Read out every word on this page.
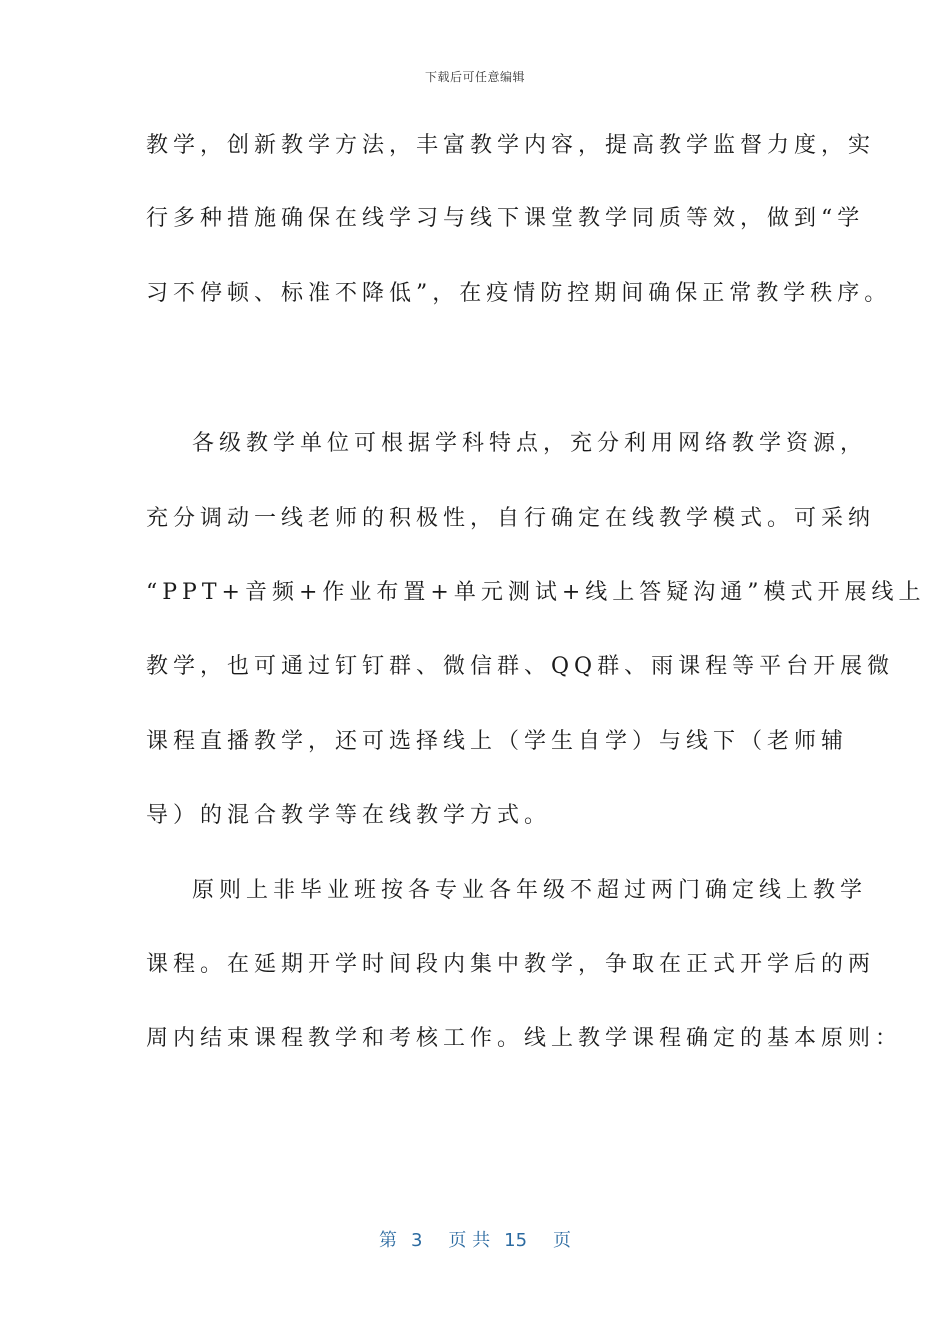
下载后可任意编辑
教学，创新教学方法，丰富教学内容，提高教学监督力度，实
行多种措施确保在线学习与线下课堂教学同质等效，做到“学
习不停顿、标准不降低”，在疫情防控期间确保正常教学秩序。
各级教学单位可根据学科特点，充分利用网络教学资源，
充分调动一线老师的积极性，自行确定在线教学模式。可采纳
“PPT+音频+作业布置+单元测试+线上答疑沟通”模式开展线上
教学，也可通过钉钉群、微信群、QQ群、雨课程等平台开展微
课程直播教学，还可选择线上（学生自学）与线下（老师辅
导）的混合教学等在线教学方式。
原则上非毕业班按各专业各年级不超过两门确定线上教学
课程。在延期开学时间段内集中教学，争取在正式开学后的两
周内结束课程教学和考核工作。线上教学课程确定的基本原则：
第 3 页 共 15 页
